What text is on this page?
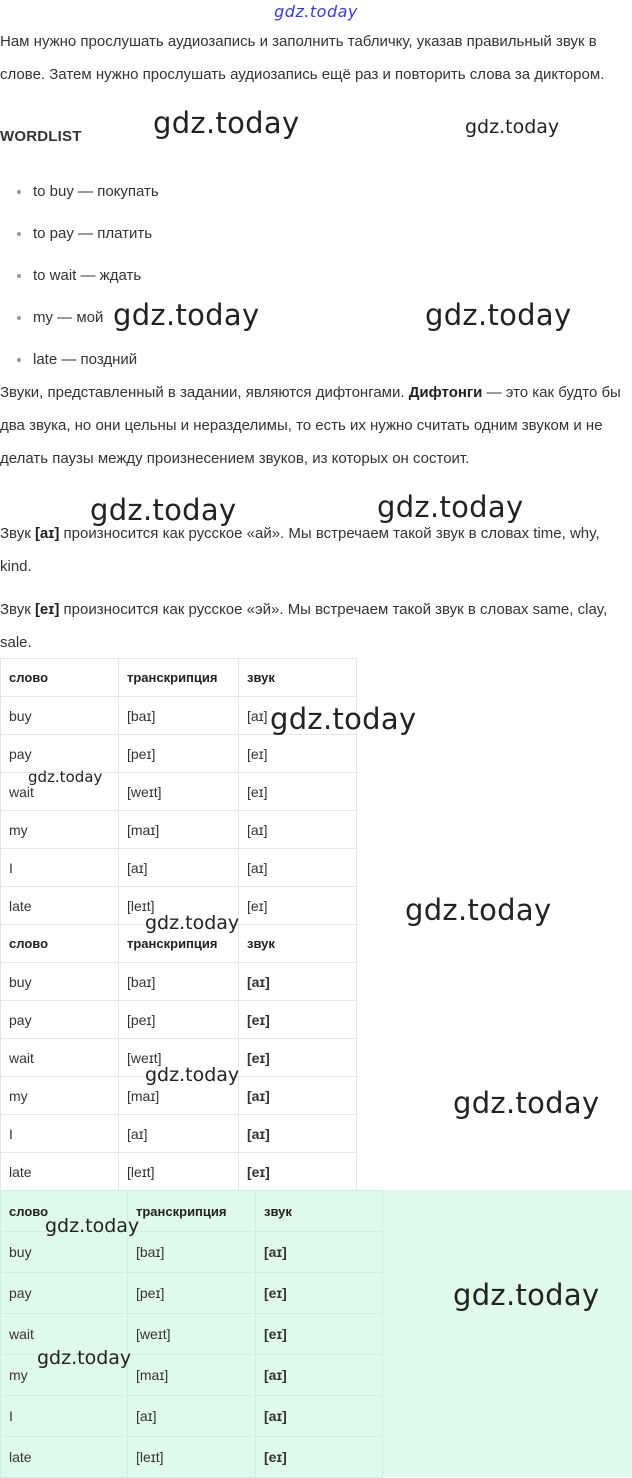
gdz.today

Нам нужно прослушать аудиозапись и заполнить табличку, указав правильный звук в слове. Затем нужно прослушать аудиозапись ещё раз и повторить слова за диктором.

WORDLIST
to buy — покупать
to pay — платить
to wait — ждать
my — мой
late — поздний

Звуки, представленный в задании, являются дифтонгами. Дифтонги — это как будто бы два звука, но они цельны и неразделимы, то есть их нужно считать одним звуком и не делать паузы между произнесением звуков, из которых он состоит.

Звук [aɪ] произносится как русское «ай». Мы встречаем такой звук в словах time, why, kind.

Звук [eɪ] произносится как русское «эй». Мы встречаем такой звук в словах same, clay, sale.

слово	транскрипция	звук
buy	[baɪ]	[aɪ]
pay	[peɪ]	[eɪ]
wait	[weɪt]	[eɪ]
my	[maɪ]	[aɪ]
I	[aɪ]	[aɪ]
late	[leɪt]	[eɪ]
слово	транскрипция	звук
buy	[baɪ]	[aɪ]
pay	[peɪ]	[eɪ]
wait	[weɪt]	[eɪ]
my	[maɪ]	[aɪ]
I	[aɪ]	[aɪ]
late	[leɪt]	[eɪ]
слово	транскрипция	звук
buy	[baɪ]	[aɪ]
pay	[peɪ]	[eɪ]
wait	[weɪt]	[eɪ]
my	[maɪ]	[aɪ]
I	[aɪ]	[aɪ]
late	[leɪt]	[eɪ]
gdz.today	gdz.today
gdz.today	gdz.today
gdz.today	gdz.today
gdz.today
gdz.today
gdz.today
gdz.today
gdz.today
gdz.today
gdz.today
gdz.today
gdz.today
